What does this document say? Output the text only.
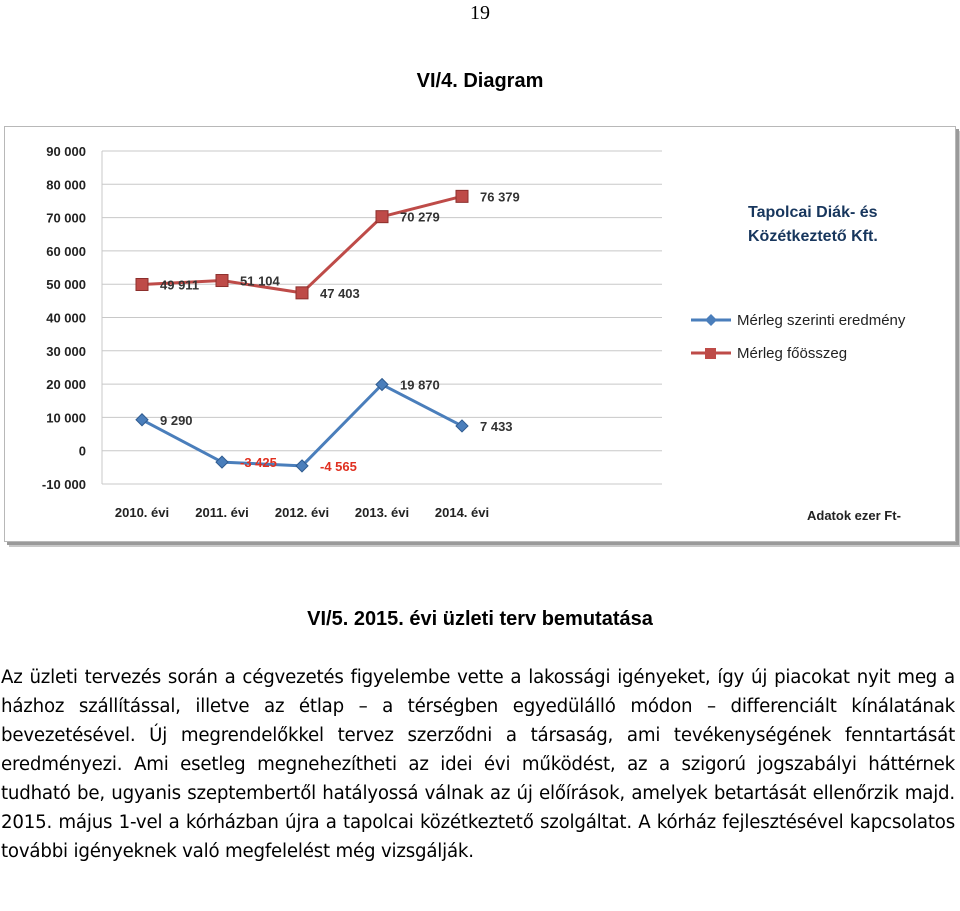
19
VI/4. Diagram
90 000
80 000
70 000
60 000
50 000
40 000
30 000
20 000
10 000
0
-10 000
2010. évi 2011. évi 2012. évi 2013. évi 2014. évi
9 290
-3 425	-4 565
19 870
7 433
49 911	51 104
47 403
70 279
76 379
Tapolcai Diák- és
Közétkeztető Kft.
Mérleg szerinti eredmény
Mérleg főösszeg
Adatok ezer Ft-
VI/5. 2015. évi üzleti terv bemutatása
Az üzleti tervezés során a cégvezetés figyelembe vette a lakossági igényeket, így új piacokat nyit meg a házhoz szállítással, illetve az étlap – a térségben egyedülálló módon – differenciált kínálatának bevezetésével. Új megrendelőkkel tervez szerződni a társaság, ami tevékenységének fenntartását eredményezi. Ami esetleg megnehezítheti az idei évi működést, az a szigorú jogszabályi háttérnek tudható be, ugyanis szeptembertől hatályossá válnak az új előírások, amelyek betartását ellenőrzik majd. 2015. május 1-vel a kórházban újra a tapolcai közétkeztető szolgáltat. A kórház fejlesztésével kapcsolatos további igényeknek való megfelelést még vizsgálják.
